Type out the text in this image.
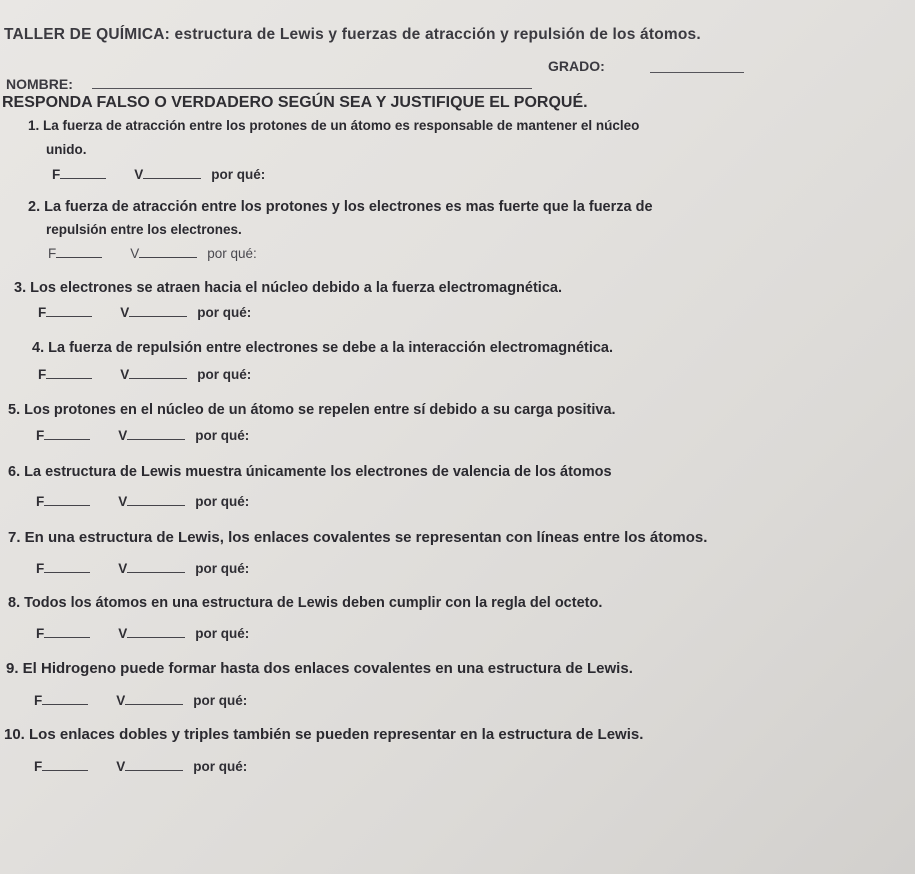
TALLER DE QUÍMICA: estructura de Lewis y fuerzas de atracción y repulsión de los átomos.
GRADO:
NOMBRE:
RESPONDA FALSO O VERDADERO SEGÚN SEA Y JUSTIFIQUE EL PORQUÉ.
1. La fuerza de atracción entre los protones de un átomo es responsable de mantener el núcleo
unido.
F	V	por qué:
2. La fuerza de atracción entre los protones y los electrones es mas fuerte que la fuerza de
repulsión entre los electrones.
F	V	por qué:
3. Los electrones se atraen hacia el núcleo debido a la fuerza electromagnética.
F	V	por qué:
4. La fuerza de repulsión entre electrones se debe a la interacción electromagnética.
F	V	por qué:
5. Los protones en el núcleo de un átomo se repelen entre sí debido a su carga positiva.
F	V	por qué:
6. La estructura de Lewis muestra únicamente los electrones de valencia de los átomos
F	V	por qué:
7. En una estructura de Lewis, los enlaces covalentes se representan con líneas entre los átomos.
F	V	por qué:
8. Todos los átomos en una estructura de Lewis deben cumplir con la regla del octeto.
F	V	por qué:
9. El Hidrogeno puede formar hasta dos enlaces covalentes en una estructura de Lewis.
F	V	por qué:
10. Los enlaces dobles y triples también se pueden representar en la estructura de Lewis.
F	V	por qué:
